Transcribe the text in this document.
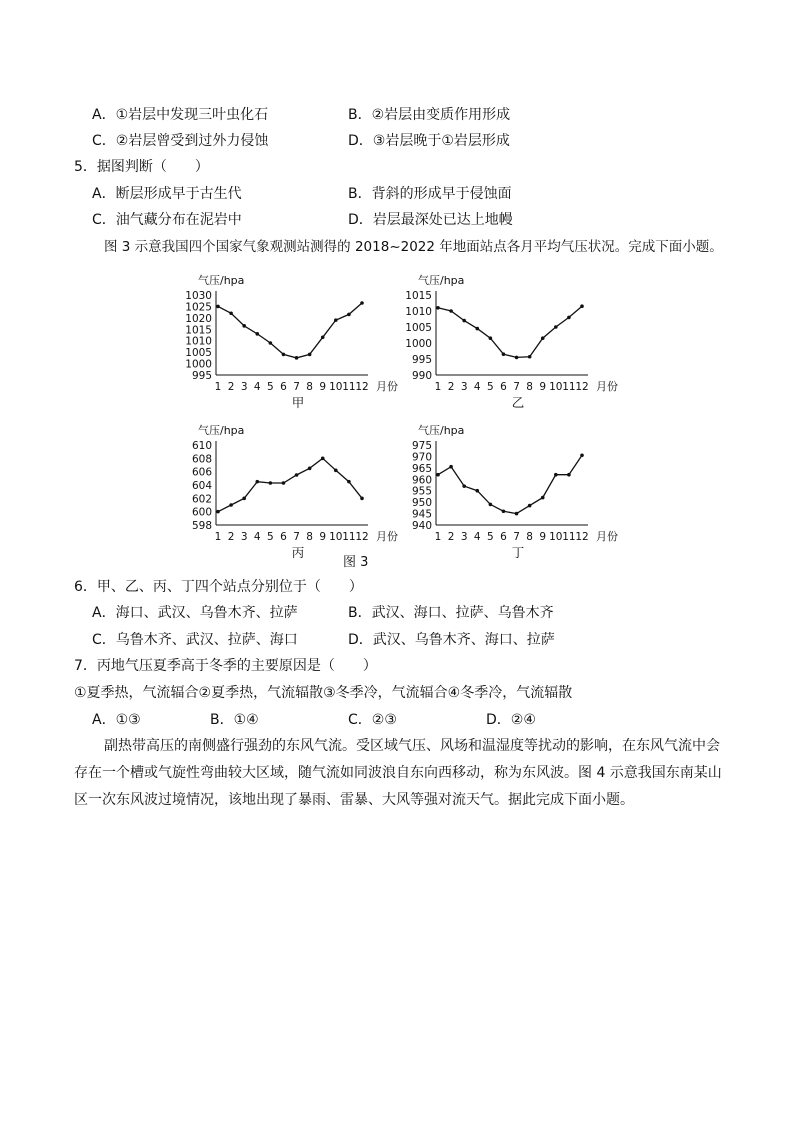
A．①岩层中发现三叶虫化石	B．②岩层由变质作用形成
C．②岩层曾受到过外力侵蚀	D．③岩层晚于①岩层形成
5．据图判断（　　）
A．断层形成早于古生代	B．背斜的形成早于侵蚀面
C．油气藏分布在泥岩中	D．岩层最深处已达上地幔
图 3 示意我国四个国家气象观测站测得的 2018~2022 年地面站点各月平均气压状况。完成下面小题。
气压/hpa
1030
1025
1020
1015
1010
1005
1000
995
1 2 3 4 5 6 7 8 9 10 11 12 月份
甲
气压/hpa
1015
1010
1005
1000
995
990
1 2 3 4 5 6 7 8 9 10 11 12 月份
乙
气压/hpa
610
608
606
604
602
600
598
1 2 3 4 5 6 7 8 9 10 11 12 月份
丙
气压/hpa
975
970
965
960
955
950
945
940
1 2 3 4 5 6 7 8 9 10 11 12 月份
丁
图 3
6．甲、乙、丙、丁四个站点分别位于（　　）
A．海口、武汉、乌鲁木齐、拉萨	B．武汉、海口、拉萨、乌鲁木齐
C．乌鲁木齐、武汉、拉萨、海口	D．武汉、乌鲁木齐、海口、拉萨
7．丙地气压夏季高于冬季的主要原因是（　　）
①夏季热，气流辐合②夏季热，气流辐散③冬季冷，气流辐合④冬季冷，气流辐散
A．①③	B．①④	C．②③	D．②④
副热带高压的南侧盛行强劲的东风气流。受区域气压、风场和温湿度等扰动的影响，在东风气流中会
存在一个槽或气旋性弯曲较大区域，随气流如同波浪自东向西移动，称为东风波。图 4 示意我国东南某山
区一次东风波过境情况，该地出现了暴雨、雷暴、大风等强对流天气。据此完成下面小题。
